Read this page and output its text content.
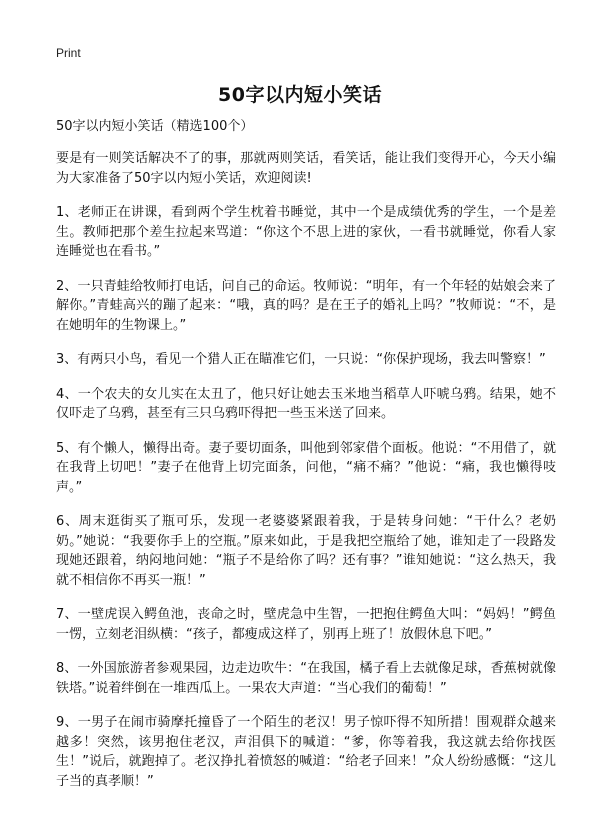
Print
50字以内短小笑话

50字以内短小笑话（精选100个）

要是有一则笑话解决不了的事，那就两则笑话，看笑话，能让我们变得开心，今天小编为大家准备了50字以内短小笑话，欢迎阅读!

1、老师正在讲课，看到两个学生枕着书睡觉，其中一个是成绩优秀的学生，一个是差生。教师把那个差生拉起来骂道：“你这个不思上进的家伙，一看书就睡觉，你看人家连睡觉也在看书。”

2、一只青蛙给牧师打电话，问自己的命运。牧师说：“明年，有一个年轻的姑娘会来了解你。”青蛙高兴的蹦了起来：“哦，真的吗？是在王子的婚礼上吗？”牧师说：“不，是在她明年的生物课上。”

3、有两只小鸟，看见一个猎人正在瞄准它们，一只说：“你保护现场，我去叫警察！”

4、一个农夫的女儿实在太丑了，他只好让她去玉米地当稻草人吓唬乌鸦。结果，她不仅吓走了乌鸦，甚至有三只乌鸦吓得把一些玉米送了回来。

5、有个懒人，懒得出奇。妻子要切面条，叫他到邻家借个面板。他说：“不用借了，就在我背上切吧！”妻子在他背上切完面条，问他，“痛不痛？”他说：“痛，我也懒得吱声。”

6、周末逛街买了瓶可乐，发现一老婆婆紧跟着我，于是转身问她：“干什么？老奶奶。”她说：“我要你手上的空瓶。”原来如此，于是我把空瓶给了她，谁知走了一段路发现她还跟着，纳闷地问她：“瓶子不是给你了吗？还有事？”谁知她说：“这么热天，我就不相信你不再买一瓶！”

7、一壁虎误入鳄鱼池，丧命之时，壁虎急中生智，一把抱住鳄鱼大叫：“妈妈！”鳄鱼一愣，立刻老泪纵横：“孩子，都瘦成这样了，别再上班了！放假休息下吧。”

8、一外国旅游者参观果园，边走边吹牛：“在我国，橘子看上去就像足球，香蕉树就像铁塔。”说着绊倒在一堆西瓜上。一果农大声道：“当心我们的葡萄！”

9、一男子在闹市骑摩托撞昏了一个陌生的老汉！男子惊吓得不知所措！围观群众越来越多！突然，该男抱住老汉，声泪俱下的喊道：“爹，你等着我，我这就去给你找医生！”说后，就跑掉了。老汉挣扎着愤怒的喊道：“给老子回来！”众人纷纷感慨：“这儿子当的真孝顺！”
